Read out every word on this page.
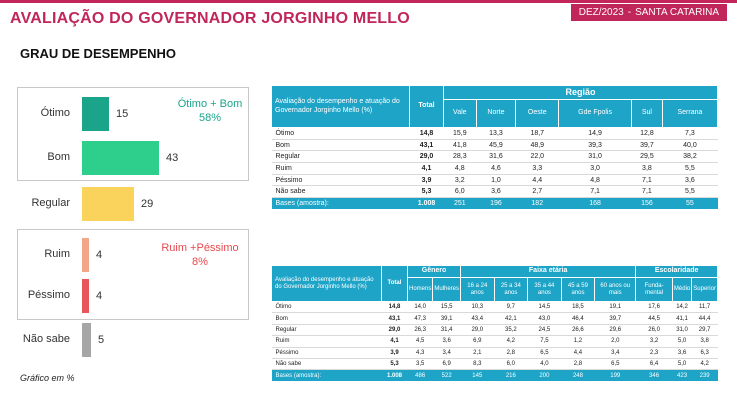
AVALIAÇÃO DO GOVERNADOR JORGINHO MELLO	DEZ/2023 - SANTA CATARINA
GRAU DE DESEMPENHO
Ótimo + Bom
58%
Ruim +Péssimo
8%
Ótimo	15
Bom	43
Regular	29
Ruim 4
Péssimo 4
Não sabe	5
Gráfico em %
Avaliação do desempenho e atuação do Governador Jorginho Mello (%)	Total	Região					
		Vale	Norte	Oeste	Gde Fpolis	Sul	Serrana
Ótimo	14,8	15,9	13,3	18,7	14,9	12,8	7,3
Bom	43,1	41,8	45,9	48,9	39,3	39,7	40,0
Regular	29,0	28,3	31,6	22,0	31,0	29,5	38,2
Ruim	4,1	4,8	4,6	3,3	3,0	3,8	5,5
Péssimo	3,9	3,2	1,0	4,4	4,8	7,1	3,6
Não sabe	5,3	6,0	3,6	2,7	7,1	7,1	5,5
Bases (amostra):	1.008	251	196	182	168	156	55
Avaliação do desempenho e atuação do Governador Jorginho Mello (%)	Total	Gênero		Faixa etária					Escolaridade		
		Homens	Mulheres	16 a 24 anos	25 a 34 anos	35 a 44 anos	45 a 59 anos	60 anos ou mais	Funda-mental	Médio	Superior
Ótimo	14,8	14,0	15,5	10,3	9,7	14,5	18,5	19,1	17,6	14,2	11,7
Bom	43,1	47,3	39,1	43,4	42,1	43,0	46,4	39,7	44,5	41,1	44,4
Regular	29,0	26,3	31,4	29,0	35,2	24,5	26,6	29,6	26,0	31,0	29,7
Ruim	4,1	4,5	3,6	6,9	4,2	7,5	1,2	2,0	3,2	5,0	3,8
Péssimo	3,9	4,3	3,4	2,1	2,8	6,5	4,4	3,4	2,3	3,6	6,3
Não sabe	5,3	3,5	6,9	8,3	6,0	4,0	2,8	6,5	6,4	5,0	4,2
Bases (amostra):	1.008	486	522	145	216	200	248	199	346	423	239
